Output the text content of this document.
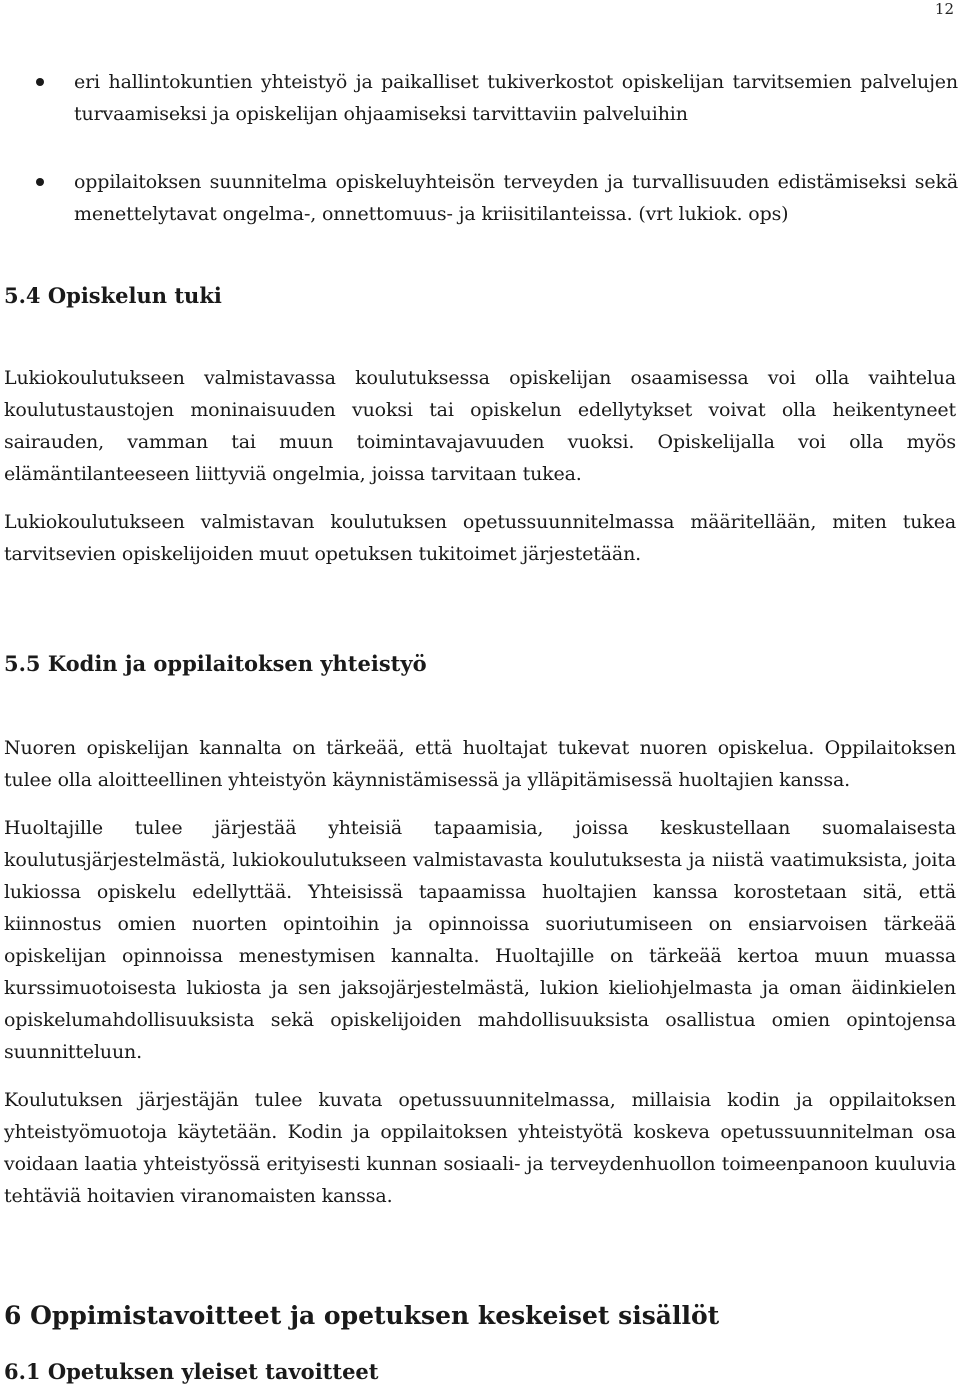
12
eri hallintokuntien yhteistyö ja paikalliset tukiverkostot opiskelijan tarvitsemien palvelujen turvaamiseksi ja opiskelijan ohjaamiseksi tarvittaviin palveluihin
oppilaitoksen suunnitelma opiskeluyhteisön terveyden ja turvallisuuden edistämiseksi sekä menettelytavat ongelma-, onnettomuus- ja kriisitilanteissa. (vrt lukiok. ops)
5.4 Opiskelun tuki

Lukiokoulutukseen valmistavassa koulutuksessa opiskelijan osaamisessa voi olla vaihtelua koulutustaustojen moninaisuuden vuoksi tai opiskelun edellytykset voivat olla heikentyneet sairauden, vamman tai muun toimintavajavuuden vuoksi. Opiskelijalla voi olla myös elämäntilanteeseen liittyviä ongelmia, joissa tarvitaan tukea.

Lukiokoulutukseen valmistavan koulutuksen opetussuunnitelmassa määritellään, miten tukea tarvitsevien opiskelijoiden muut opetuksen tukitoimet järjestetään.

5.5 Kodin ja oppilaitoksen yhteistyö

Nuoren opiskelijan kannalta on tärkeää, että huoltajat tukevat nuoren opiskelua. Oppilaitoksen tulee olla aloitteellinen yhteistyön käynnistämisessä ja ylläpitämisessä huoltajien kanssa.

Huoltajille tulee järjestää yhteisiä tapaamisia, joissa keskustellaan suomalaisesta koulutusjärjestelmästä, lukiokoulutukseen valmistavasta koulutuksesta ja niistä vaatimuksista, joita lukiossa opiskelu edellyttää. Yhteisissä tapaamissa huoltajien kanssa korostetaan sitä, että kiinnostus omien nuorten opintoihin ja opinnoissa suoriutumiseen on ensiarvoisen tärkeää opiskelijan opinnoissa menestymisen kannalta. Huoltajille on tärkeää kertoa muun muassa kurssimuotoisesta lukiosta ja sen jaksojärjestelmästä, lukion kieliohjelmasta ja oman äidinkielen opiskelumahdollisuuksista sekä opiskelijoiden mahdollisuuksista osallistua omien opintojensa suunnitteluun.

Koulutuksen järjestäjän tulee kuvata opetussuunnitelmassa, millaisia kodin ja oppilaitoksen yhteistyömuotoja käytetään. Kodin ja oppilaitoksen yhteistyötä koskeva opetussuunnitelman osa voidaan laatia yhteistyössä erityisesti kunnan sosiaali- ja terveydenhuollon toimeenpanoon kuuluvia tehtäviä hoitavien viranomaisten kanssa.

6 Oppimistavoitteet ja opetuksen keskeiset sisällöt
6.1 Opetuksen yleiset tavoitteet
